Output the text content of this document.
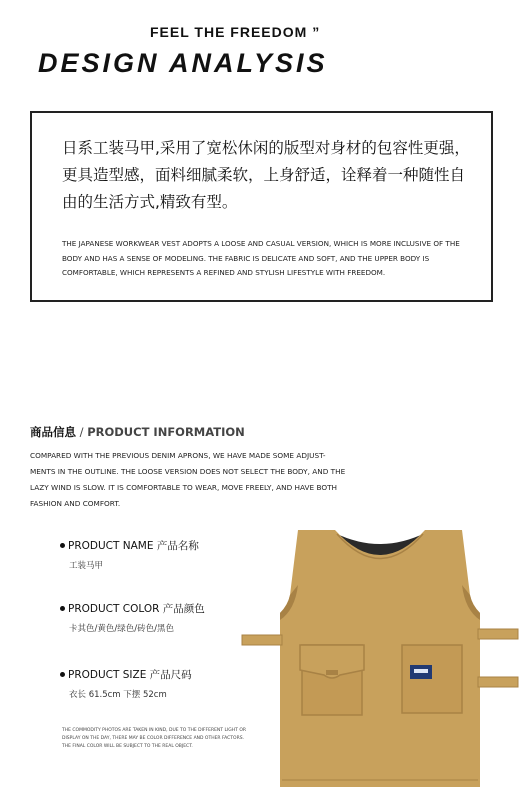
FEEL THE FREEDOM ”
DESIGN ANALYSIS
日系工装马甲,采用了宽松休闲的版型对身材的包容性更强，更具造型感，面料细腻柔软，上身舒适，诠释着一种随性自由的生活方式,精致有型。
THE JAPANESE WORKWEAR VEST ADOPTS A LOOSE AND CASUAL VERSION, WHICH IS MORE INCLUSIVE OF THE BODY AND HAS A SENSE OF MODELING. THE FABRIC IS DELICATE AND SOFT, AND THE UPPER BODY IS COMFORTABLE, WHICH REPRESENTS A REFINED AND STYLISH LIFESTYLE WITH FREEDOM.
商品信息 / PRODUCT INFORMATION
COMPARED WITH THE PREVIOUS DENIM APRONS, WE HAVE MADE SOME ADJUST-MENTS IN THE OUTLINE. THE LOOSE VERSION DOES NOT SELECT THE BODY, AND THE LAZY WIND IS SLOW. IT IS COMFORTABLE TO WEAR, MOVE FREELY, AND HAVE BOTH FASHION AND COMFORT.
PRODUCT NAME 产品名称
工装马甲
PRODUCT COLOR 产品颜色
卡其色/黄色/绿色/砖色/黑色
PRODUCT SIZE 产品尺码
衣长 61.5cm 下摆 52cm
THE COMMODITY PHOTOS ARE TAKEN IN KIND, DUE TO THE DIFFERENT LIGHT OR DISPLAY ON THE DAY, THERE MAY BE COLOR DIFFERENCE AND OTHER FACTORS. THE FINAL COLOR WILL BE SUBJECT TO THE REAL OBJECT.
